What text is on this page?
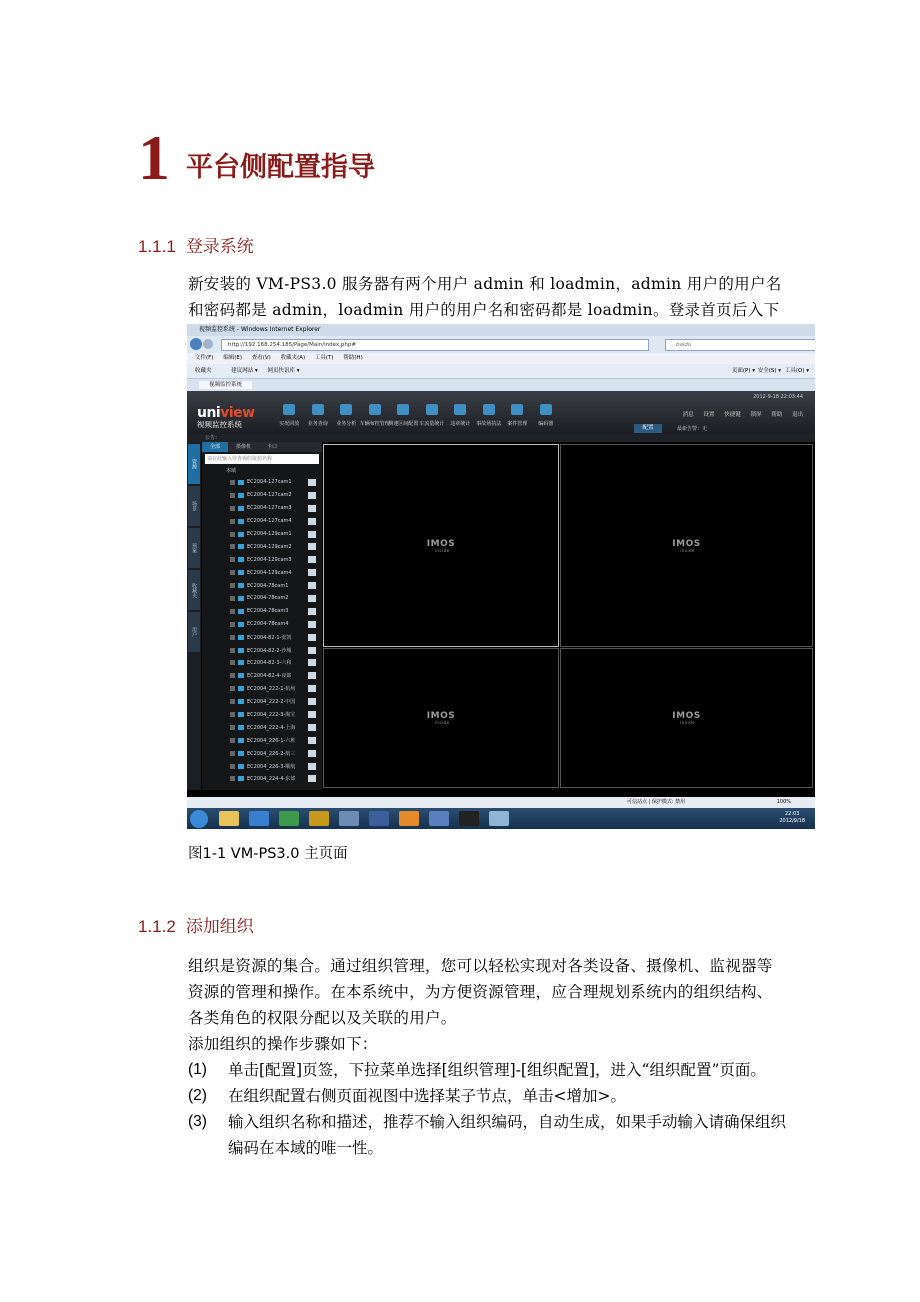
1 平台侧配置指导
1.1.1 登录系统
新安装的 VM-PS3.0 服务器有两个用户 admin 和 loadmin，admin 用户的用户名和密码都是 admin，loadmin 用户的用户名和密码都是 loadmin。登录首页后入下
视频监控系统 - Windows Internet Explorer
http://192.168.254.185/Page/Main/index.php#	baidu
文件(F) 编辑(E) 查看(V) 收藏夹(A) 工具(T) 帮助(H)
收藏夹	建议网站 ▾ 网页快讯库 ▾	页面(P) ▾ 安全(S) ▾ 工具(O) ▾
视频监控系统
2012-9-18 22:03:44
uniview
视频监控系统	实况回放 业务查询 业务分析 车辆布控管理
测速区间配置 车流量统计 违章统计 事故场执法 案件管理 编码器
消息 设置 快捷键 锁屏 帮助 退出
配置	最新告警：无
公告：
资源
场景
预案
收藏夹
用户
全部	摄像机	卡口
请在此输入待查询的资源名称
本域
EC2004-127cam1
EC2004-127cam2
EC2004-127cam3
EC2004-127cam4
EC2004-129cam1
EC2004-129cam2
EC2004-129cam3
EC2004-129cam4
EC2004-78cam1
EC2004-78cam2
EC2004-78cam3
EC2004-78cam4
EC2004-82-1-张凯
EC2004-82-2-沙城
EC2004-82-3-六和
EC2004-82-4-夜郎
EC2004_222-1-杭州
EC2004_222-2-中国
EC2004_222-3-淘宝
EC2004_222-4-上海
EC2004_226-1-六班
EC2004_226-2-航三
EC2004_226-3-顺航
EC2004_224-4-东郊
IMOS
inside
IMOS
inside
IMOS
inside
IMOS
inside
可信站点 | 保护模式: 禁用	100%
22:03
2012/9/18
图1-1 VM-PS3.0 主页面
1.1.2 添加组织
组织是资源的集合。通过组织管理，您可以轻松实现对各类设备、摄像机、监视器等资源的管理和操作。在本系统中，为方便资源管理，应合理规划系统内的组织结构、各类角色的权限分配以及关联的用户。
添加组织的操作步骤如下：
(1)	单击[配置]页签，下拉菜单选择[组织管理]-[组织配置]，进入“组织配置”页面。
(2)	在组织配置右侧页面视图中选择某子节点，单击<增加>。
(3)	输入组织名称和描述，推荐不输入组织编码，自动生成，如果手动输入请确保组织编码在本域的唯一性。
